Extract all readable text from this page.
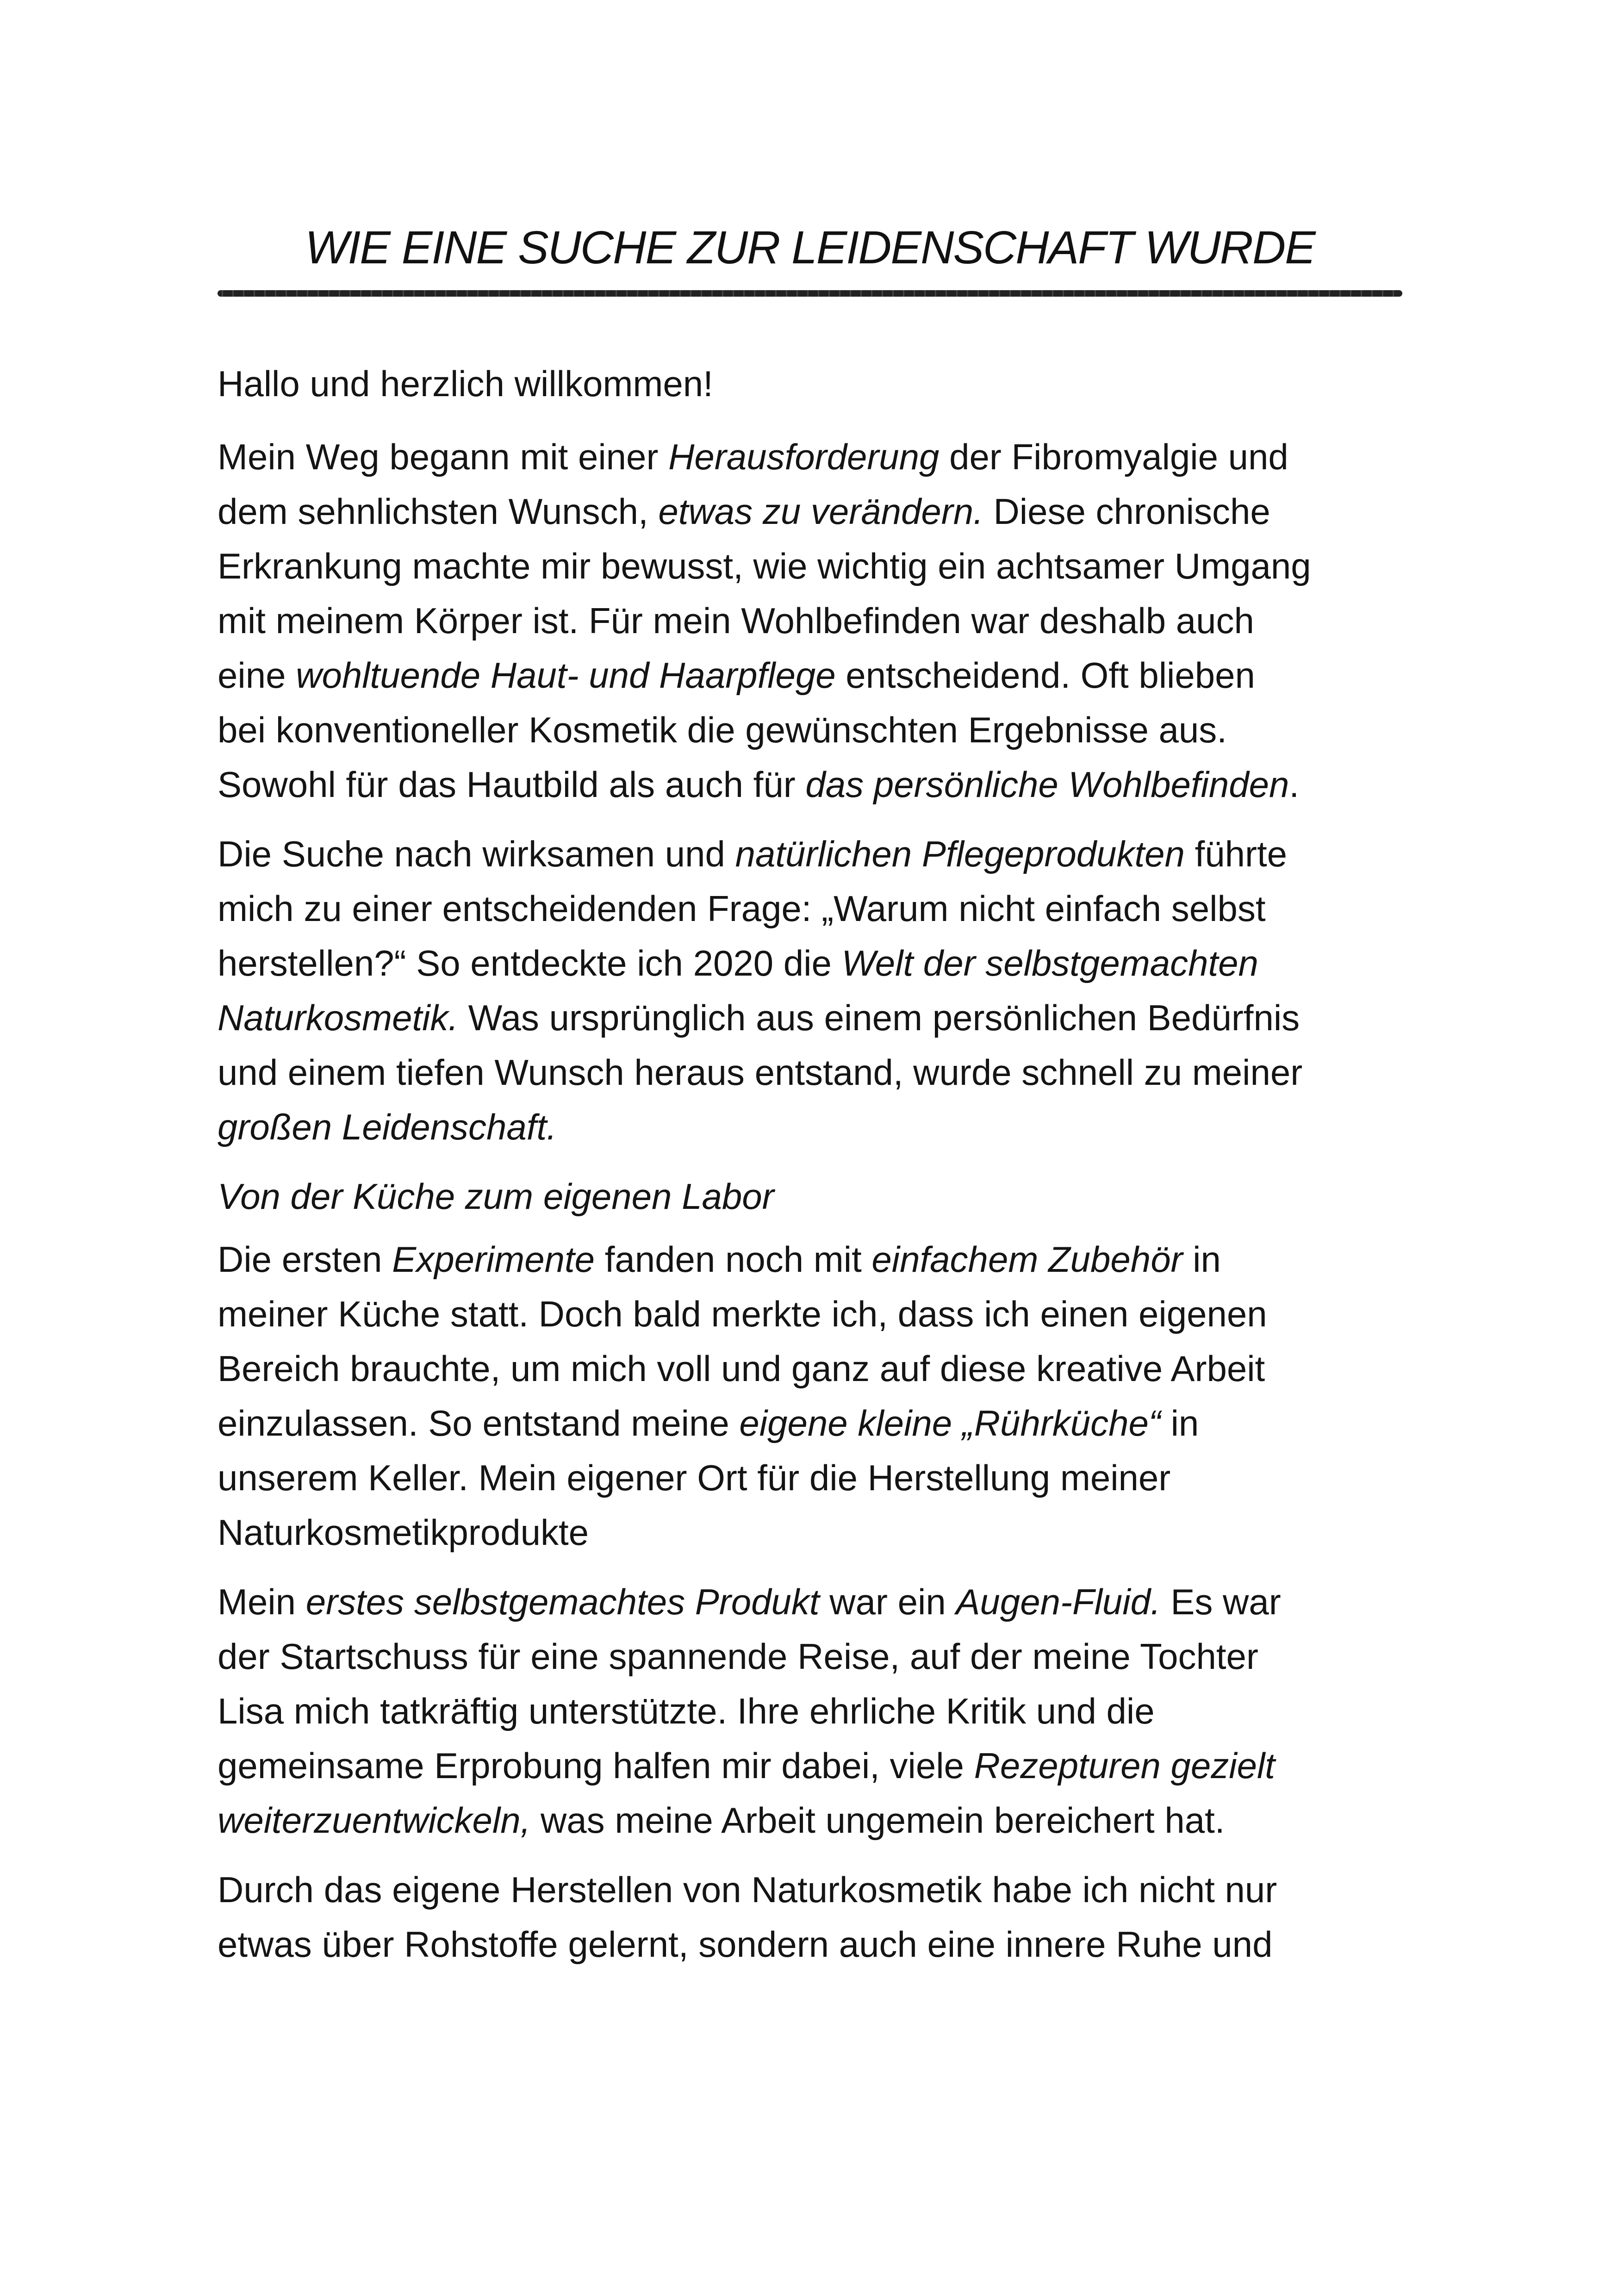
WIE EINE SUCHE ZUR LEIDENSCHAFT WURDE

Hallo und herzlich willkommen!

Mein Weg begann mit einer Herausforderung der Fibromyalgie und
dem sehnlichsten Wunsch, etwas zu verändern. Diese chronische
Erkrankung machte mir bewusst, wie wichtig ein achtsamer Umgang
mit meinem Körper ist. Für mein Wohlbefinden war deshalb auch
eine wohltuende Haut- und Haarpflege entscheidend. Oft blieben
bei konventioneller Kosmetik die gewünschten Ergebnisse aus.
Sowohl für das Hautbild als auch für das persönliche Wohlbefinden.

Die Suche nach wirksamen und natürlichen Pflegeprodukten führte
mich zu einer entscheidenden Frage: „Warum nicht einfach selbst
herstellen?“ So entdeckte ich 2020 die Welt der selbstgemachten
Naturkosmetik. Was ursprünglich aus einem persönlichen Bedürfnis
und einem tiefen Wunsch heraus entstand, wurde schnell zu meiner
großen Leidenschaft.

Von der Küche zum eigenen Labor

Die ersten Experimente fanden noch mit einfachem Zubehör in
meiner Küche statt. Doch bald merkte ich, dass ich einen eigenen
Bereich brauchte, um mich voll und ganz auf diese kreative Arbeit
einzulassen. So entstand meine eigene kleine „Rührküche“ in
unserem Keller. Mein eigener Ort für die Herstellung meiner
Naturkosmetikprodukte

Mein erstes selbstgemachtes Produkt war ein Augen-Fluid. Es war
der Startschuss für eine spannende Reise, auf der meine Tochter
Lisa mich tatkräftig unterstützte. Ihre ehrliche Kritik und die
gemeinsame Erprobung halfen mir dabei, viele Rezepturen gezielt
weiterzuentwickeln, was meine Arbeit ungemein bereichert hat.

Durch das eigene Herstellen von Naturkosmetik habe ich nicht nur
etwas über Rohstoffe gelernt, sondern auch eine innere Ruhe und
